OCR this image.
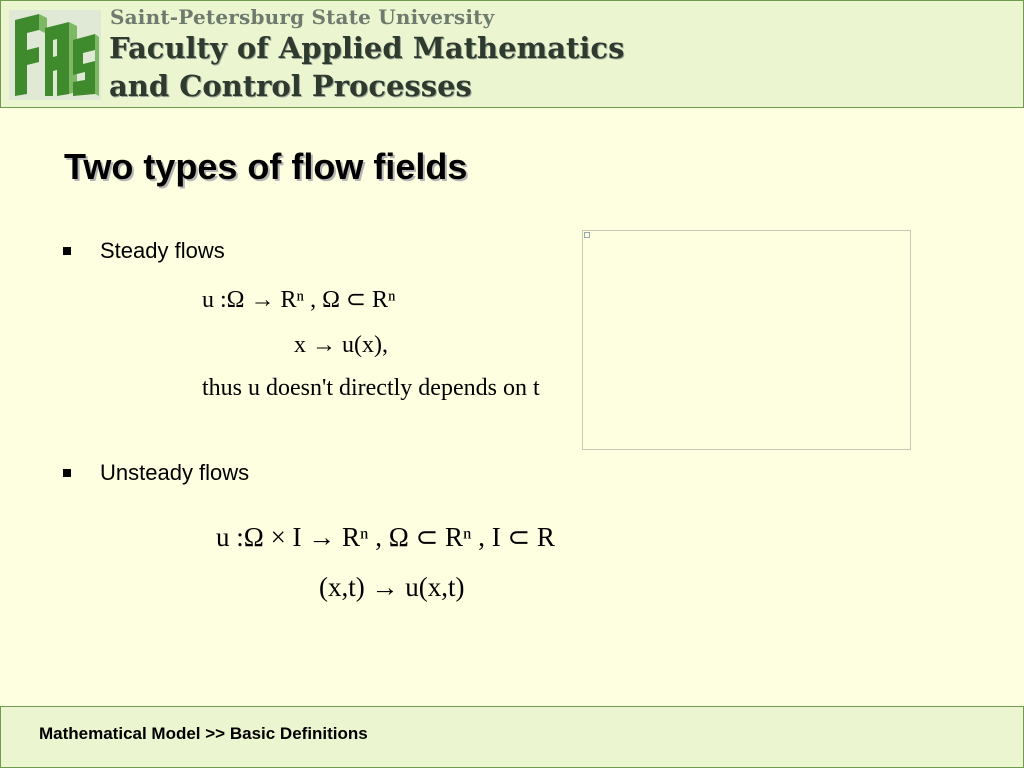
Saint-Petersburg State University
Faculty of Applied Mathematics
and Control Processes
Two types of flow fields
Steady flows
u :Ω → Rⁿ , Ω ⊂ Rⁿ
x → u(x),
thus u doesn't directly depends on t
Unsteady flows
u :Ω × I → Rⁿ , Ω ⊂ Rⁿ , I ⊂ R
(x,t) → u(x,t)
Mathematical Model >> Basic Definitions
